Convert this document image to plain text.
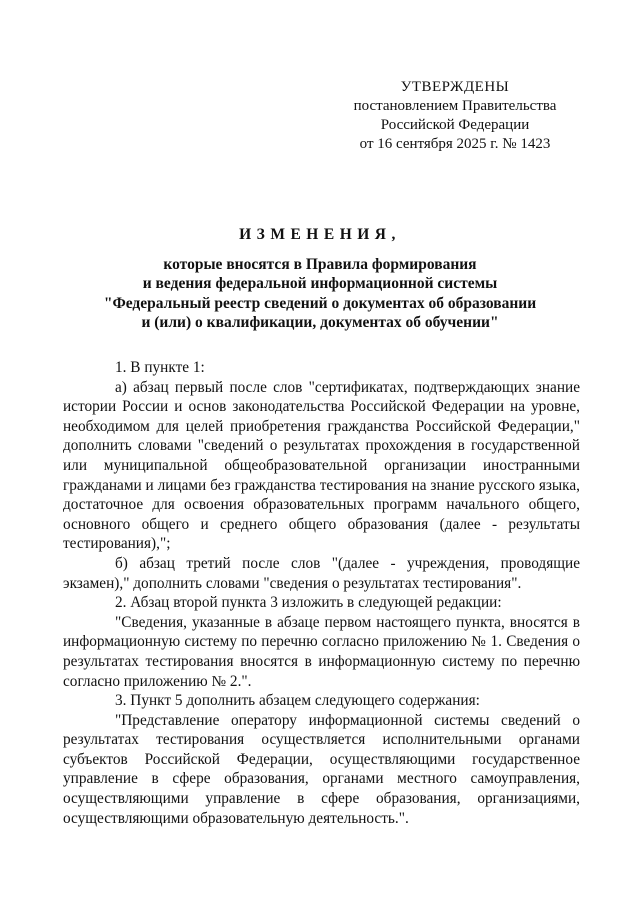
УТВЕРЖДЕНЫ
постановлением Правительства
Российской Федерации
от 16 сентября 2025 г. № 1423
ИЗМЕНЕНИЯ,
которые вносятся в Правила формирования
и ведения федеральной информационной системы
"Федеральный реестр сведений о документах об образовании
и (или) о квалификации, документах об обучении"

1. В пункте 1:

а) абзац первый после слов "сертификатах, подтверждающих знание истории России и основ законодательства Российской Федерации на уровне, необходимом для целей приобретения гражданства Российской Федерации," дополнить словами "сведений о результатах прохождения в государственной или муниципальной общеобразовательной организации иностранными гражданами и лицами без гражданства тестирования на знание русского языка, достаточное для освоения образовательных программ начального общего, основного общего и среднего общего образования (далее - результаты тестирования),";

б) абзац третий после слов "(далее - учреждения, проводящие экзамен)," дополнить словами "сведения о результатах тестирования".

2. Абзац второй пункта 3 изложить в следующей редакции:

"Сведения, указанные в абзаце первом настоящего пункта, вносятся в информационную систему по перечню согласно приложению № 1. Сведения о результатах тестирования вносятся в информационную систему по перечню согласно приложению № 2.".

3. Пункт 5 дополнить абзацем следующего содержания:

"Представление оператору информационной системы сведений о результатах тестирования осуществляется исполнительными органами субъектов Российской Федерации, осуществляющими государственное управление в сфере образования, органами местного самоуправления, осуществляющими управление в сфере образования, организациями, осуществляющими образовательную деятельность.".
